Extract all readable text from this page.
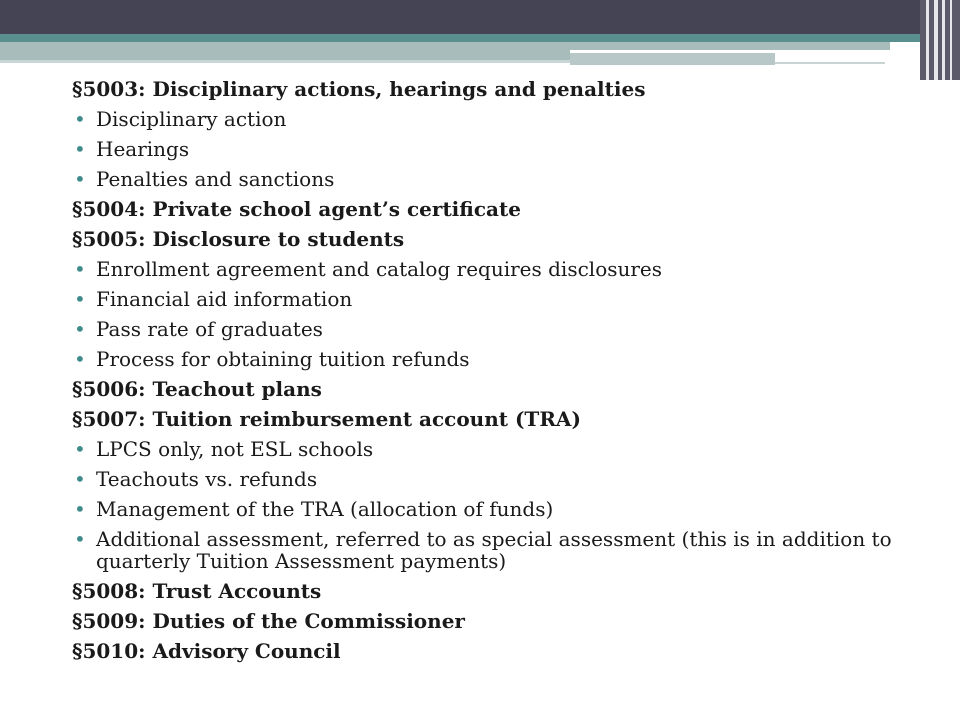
§5003: Disciplinary actions, hearings and penalties
• Disciplinary action
• Hearings
• Penalties and sanctions
§5004: Private school agent’s certificate
§5005: Disclosure to students
• Enrollment agreement and catalog requires disclosures
• Financial aid information
• Pass rate of graduates
• Process for obtaining tuition refunds
§5006: Teachout plans
§5007: Tuition reimbursement account (TRA)
• LPCS only, not ESL schools
• Teachouts vs. refunds
• Management of the TRA (allocation of funds)
• Additional assessment, referred to as special assessment (this is in addition to quarterly Tuition Assessment payments)
§5008: Trust Accounts
§5009: Duties of the Commissioner
§5010: Advisory Council
